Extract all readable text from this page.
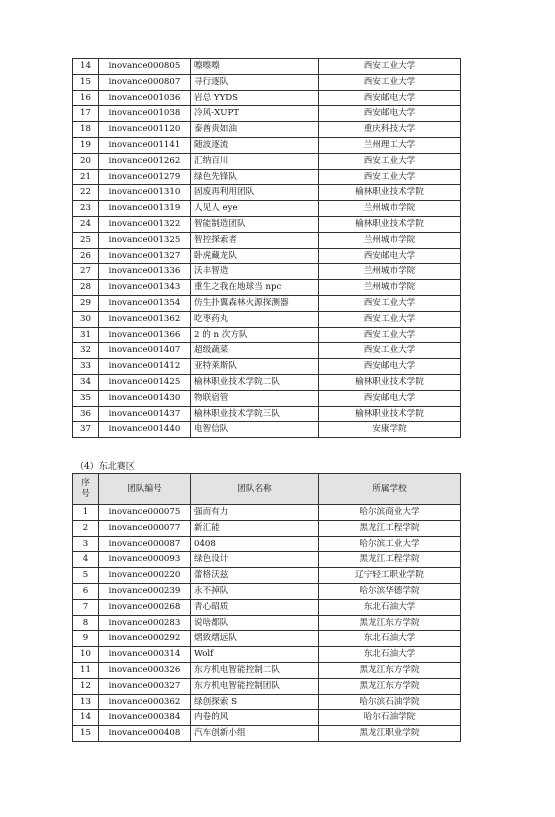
14	inovance000805	嚓嚓嚓	西安工业大学
15	inovance000807	寻行逐队	西安工业大学
16	inovance001036	岩总 YYDS	西安邮电大学
17	inovance001038	冷风-XUPT	西安邮电大学
18	inovance001120	泰酋贵如油	重庆科技大学
19	inovance001141	随波逐流	兰州理工大学
20	inovance001262	汇纳百川	西安工业大学
21	inovance001279	绿色先锋队	西安工业大学
22	inovance001310	固废再利用团队	榆林职业技术学院
23	inovance001319	人见人 eye	兰州城市学院
24	inovance001322	智能制造团队	榆林职业技术学院
25	inovance001325	智控探索者	兰州城市学院
26	inovance001327	卧虎藏龙队	西安邮电大学
27	inovance001336	沃丰智造	兰州城市学院
28	inovance001343	重生之我在地球当 npc	兰州城市学院
29	inovance001354	仿生扑翼森林火源探测器	西安工业大学
30	inovance001362	吃枣药丸	西安工业大学
31	inovance001366	2 的 n 次方队	西安工业大学
32	inovance001407	超级蔬菜	西安工业大学
33	inovance001412	亚特莱斯队	西安邮电大学
34	inovance001425	榆林职业技术学院二队	榆林职业技术学院
35	inovance001430	物联宿管	西安邮电大学
36	inovance001437	榆林职业技术学院三队	榆林职业技术学院
37	inovance001440	电智信队	安康学院
（4）东北赛区
序
号	团队编号	团队名称	所属学校
1	inovance000075	强而有力	哈尔滨商业大学
2	inovance000077	新汇能	黑龙江工程学院
3	inovance000087	0408	哈尔滨工业大学
4	inovance000093	绿色设计	黑龙江工程学院
5	inovance000220	蕾格沃兹	辽宁轻工职业学院
6	inovance000239	永不掉队	哈尔滨华德学院
7	inovance000268	青心昭质	东北石油大学
8	inovance000283	说啥都队	黑龙江东方学院
9	inovance000292	熠致熠远队	东北石油大学
10	inovance000314	Wolf	东北石油大学
11	inovance000326	东方机电智能控制二队	黑龙江东方学院
12	inovance000327	东方机电智能控制团队	黑龙江东方学院
13	inovance000362	绿创探索 S	哈尔滨石油学院
14	inovance000384	内卷的风	哈尔石油学院
15	inovance000408	汽车创新小组	黑龙江职业学院
